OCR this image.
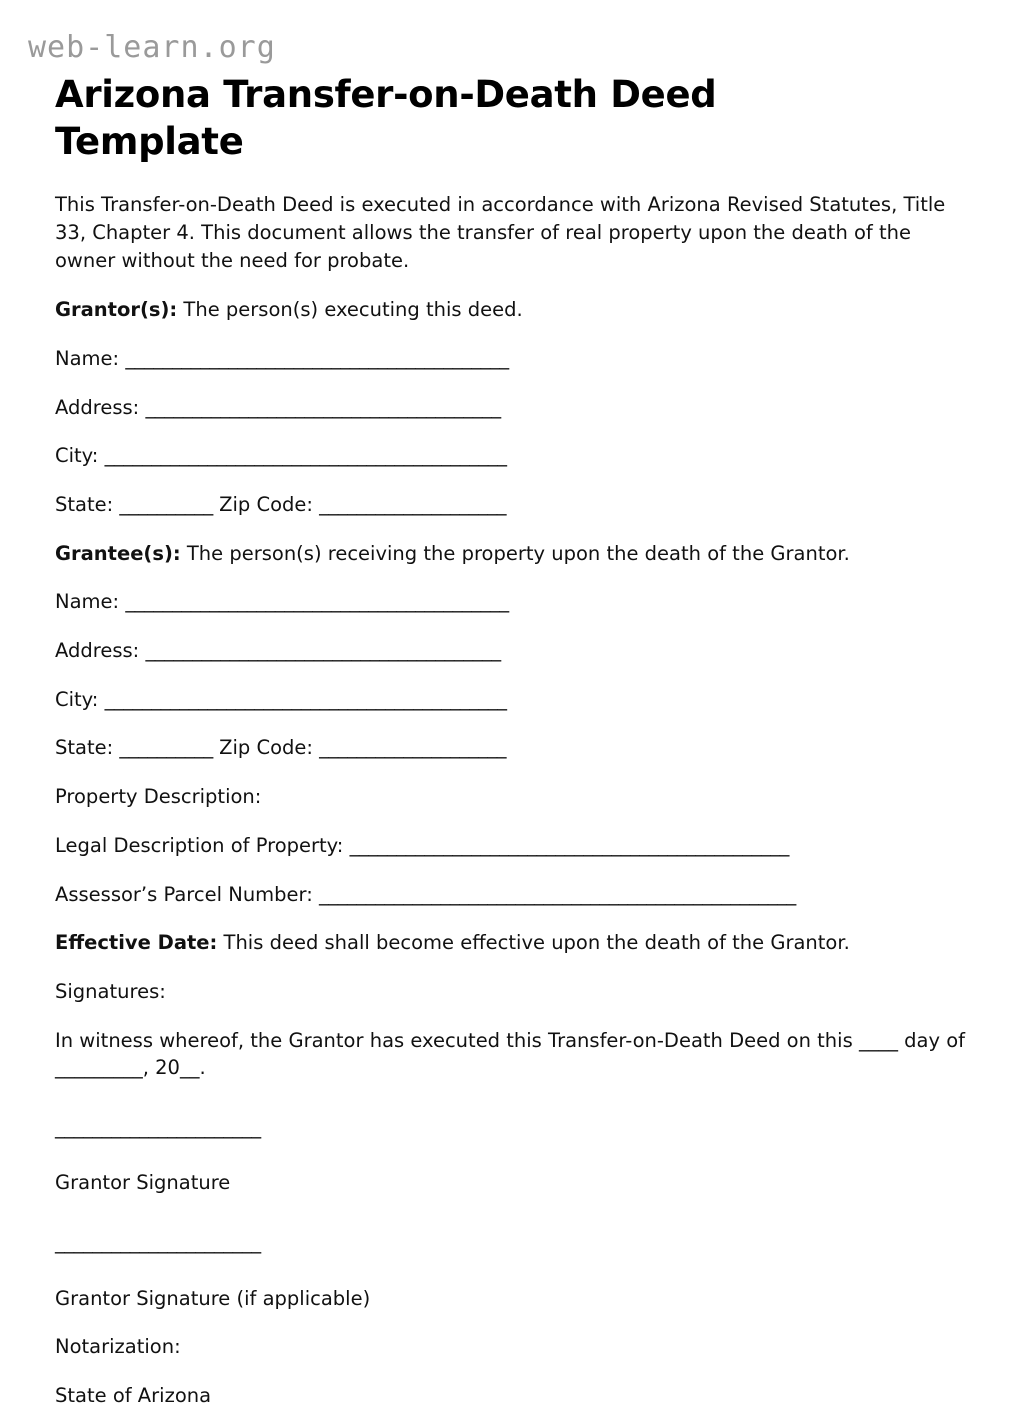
web-learn.org
Arizona Transfer-on-Death Deed Template

This Transfer-on-Death Deed is executed in accordance with Arizona Revised Statutes, Title 33, Chapter 4. This document allows the transfer of real property upon the death of the owner without the need for probate.

Grantor(s): The person(s) executing this deed.

Name: _________________________________________

Address: ______________________________________

City: ___________________________________________

State: __________ Zip Code: ____________________

Grantee(s): The person(s) receiving the property upon the death of the Grantor.

Name: _________________________________________

Address: ______________________________________

City: ___________________________________________

State: __________ Zip Code: ____________________

Property Description:

Legal Description of Property: _______________________________________________

Assessor’s Parcel Number: ___________________________________________________

Effective Date: This deed shall become effective upon the death of the Grantor.

Signatures:

In witness whereof, the Grantor has executed this Transfer-on-Death Deed on this ____ day of _________, 20__.

______________________

Grantor Signature

______________________

Grantor Signature (if applicable)

Notarization:

State of Arizona
